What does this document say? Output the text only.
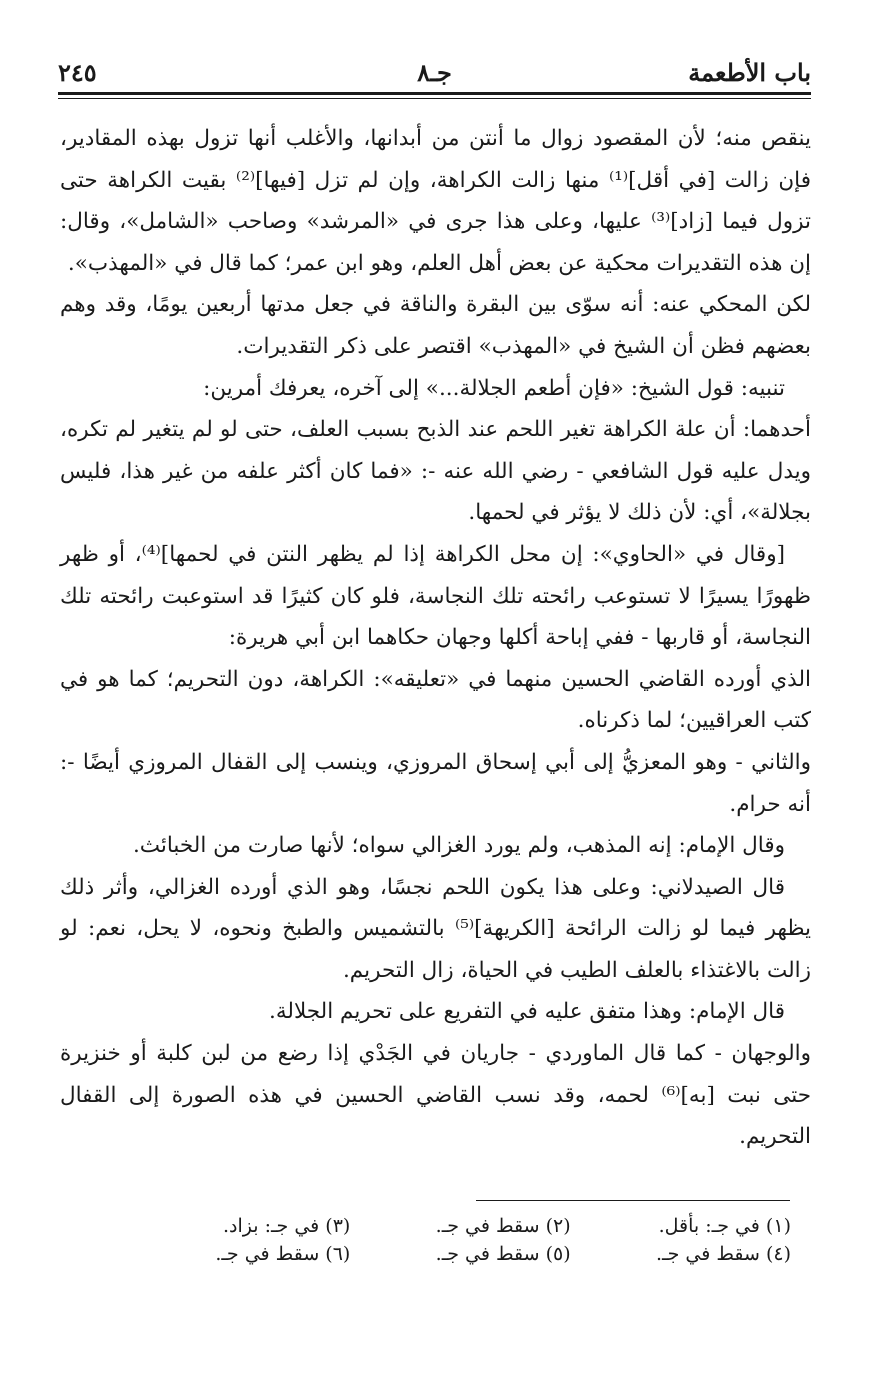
باب الأطعمة
جـ٨
٢٤٥

ينقص منه؛ لأن المقصود زوال ما أنتن من أبدانها، والأغلب أنها تزول بهذه المقادير، فإن زالت [في أقل]⁽¹⁾ منها زالت الكراهة، وإن لم تزل [فيها]⁽²⁾ بقيت الكراهة حتى تزول فيما [زاد]⁽³⁾ عليها، وعلى هذا جرى في «المرشد» وصاحب «الشامل»، وقال: إن هذه التقديرات محكية عن بعض أهل العلم، وهو ابن عمر؛ كما قال في «المهذب».

لكن المحكي عنه: أنه سوّى بين البقرة والناقة في جعل مدتها أربعين يومًا، وقد وهم بعضهم فظن أن الشيخ في «المهذب» اقتصر على ذكر التقديرات.

تنبيه: قول الشيخ: «فإن أطعم الجلالة...» إلى آخره، يعرفك أمرين:

أحدهما: أن علة الكراهة تغير اللحم عند الذبح بسبب العلف، حتى لو لم يتغير لم تكره، ويدل عليه قول الشافعي - رضي الله عنه -: «فما كان أكثر علفه من غير هذا، فليس بجلالة»، أي: لأن ذلك لا يؤثر في لحمها.

[وقال في «الحاوي»: إن محل الكراهة إذا لم يظهر النتن في لحمها]⁽⁴⁾، أو ظهر ظهورًا يسيرًا لا تستوعب رائحته تلك النجاسة، فلو كان كثيرًا قد استوعبت رائحته تلك النجاسة، أو قاربها - ففي إباحة أكلها وجهان حكاهما ابن أبي هريرة:

الذي أورده القاضي الحسين منهما في «تعليقه»: الكراهة، دون التحريم؛ كما هو في كتب العراقيين؛ لما ذكرناه.

والثاني - وهو المعزيُّ إلى أبي إسحاق المروزي، وينسب إلى القفال المروزي أيضًا -: أنه حرام.

وقال الإمام: إنه المذهب، ولم يورد الغزالي سواه؛ لأنها صارت من الخبائث.

قال الصيدلاني: وعلى هذا يكون اللحم نجسًا، وهو الذي أورده الغزالي، وأثر ذلك يظهر فيما لو زالت الرائحة [الكريهة]⁽⁵⁾ بالتشميس والطبخ ونحوه، لا يحل، نعم: لو زالت بالاغتذاء بالعلف الطيب في الحياة، زال التحريم.

قال الإمام: وهذا متفق عليه في التفريع على تحريم الجلالة.

والوجهان - كما قال الماوردي - جاريان في الجَدْي إذا رضع من لبن كلبة أو خنزيرة حتى نبت [به]⁽⁶⁾ لحمه، وقد نسب القاضي الحسين في هذه الصورة إلى القفال التحريم.

(١) في جـ: بأقل.
(٢) سقط في جـ.
(٣) في جـ: بزاد.
(٤) سقط في جـ.
(٥) سقط في جـ.
(٦) سقط في جـ.
